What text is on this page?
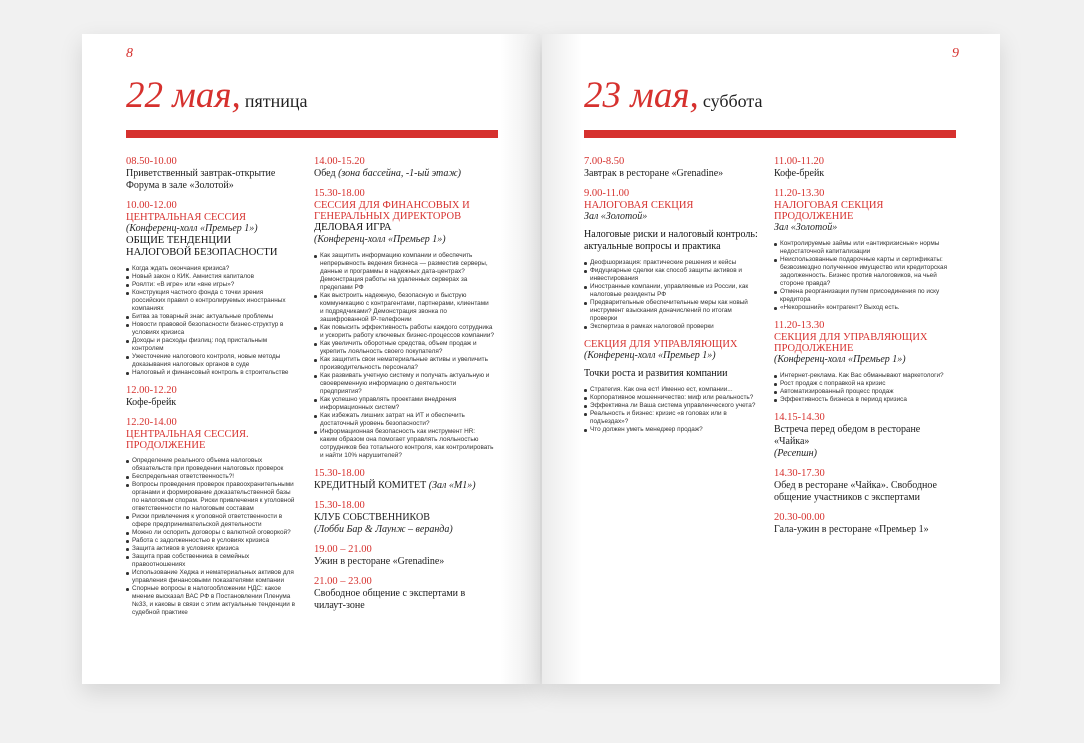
8
22 мая, пятница
08.50-10.00
Приветственный завтрак-открытие Форума в зале «Золотой»
10.00-12.00
ЦЕНТРАЛЬНАЯ СЕССИЯ
(Конференц-холл «Премьер 1»)
ОБЩИЕ ТЕНДЕНЦИИ НАЛОГОВОЙ БЕЗОПАСНОСТИ
Когда ждать окончания кризиса?
Новый закон о КИК. Амнистия капиталов
Роялти: «В игре» или «вне игры»?
Конструкция частного фонда с точки зрения российских правил о контролируемых иностранных компаниях
Битва за товарный знак: актуальные проблемы
Новости правовой безопасности бизнес-структур в условиях кризиса
Доходы и расходы физлиц: под пристальным контролем
Ужесточение налогового контроля, новые методы доказывания налоговых органов в суде
Налоговый и финансовый контроль в строительстве
12.00-12.20
Кофе-брейк
12.20-14.00
ЦЕНТРАЛЬНАЯ СЕССИЯ. ПРОДОЛЖЕНИЕ
Определение реального объема налоговых обязательств при проведении налоговых проверок
Беспредельная ответственность?!
Вопросы проведения проверок правоохранительными органами и формирование доказательственной базы по налоговым спорам. Риски привлечения к уголовной ответственности по налоговым составам
Риски привлечения к уголовной ответственности в сфере предпринимательской деятельности
Можно ли оспорить договоры с валютной оговоркой?
Работа с задолженностью в условиях кризиса
Защита активов в условиях кризиса
Защита прав собственника в семейных правоотношениях
Использование Хеджа и нематериальных активов для управления финансовыми показателями компании
Спорные вопросы в налогообложении НДС: какое мнение высказал ВАС РФ в Постановлении Пленума №33, и каковы в связи с этим актуальные тенденции в судебной практике
14.00-15.20
Обед (зона бассейна, -1-ый этаж)
15.30-18.00
СЕССИЯ ДЛЯ ФИНАНСОВЫХ И ГЕНЕРАЛЬНЫХ ДИРЕКТОРОВ
ДЕЛОВАЯ ИГРА
(Конференц-холл «Премьер 1»)
Как защитить информацию компании и обеспечить непрерывность ведения бизнеса — разместив серверы, данные и программы в надежных дата-центрах? Демонстрация работы на удаленных серверах за пределами РФ
Как выстроить надежную, безопасную и быструю коммуникацию с контрагентами, партнерами, клиентами и подрядчиками? Демонстрация звонка по зашифрованной IP-телефонии
Как повысить эффективность работы каждого сотрудника и ускорить работу ключевых бизнес-процессов компании?
Как увеличить оборотные средства, объем продаж и укрепить лояльность своего покупателя?
Как защитить свои нематериальные активы и увеличить производительность персонала?
Как развивать учетную систему и получать актуальную и своевременную информацию о деятельности предприятия?
Как успешно управлять проектами внедрения информационных систем?
Как избежать лишних затрат на ИТ и обеспечить достаточный уровень безопасности?
Информационная безопасность как инструмент HR: каким образом она помогает управлять лояльностью сотрудников без тотального контроля, как контролировать и найти 10% нарушителей?
15.30-18.00
КРЕДИТНЫЙ КОМИТЕТ (Зал «М1»)
15.30-18.00
КЛУБ СОБСТВЕННИКОВ
(Лобби Бар & Лаунж – веранда)
19.00 – 21.00
Ужин в ресторане «Grenadine»
21.00 – 23.00
Свободное общение с экспертами в чилаут-зоне
9
23 мая, суббота
7.00-8.50
Завтрак в ресторане «Grenadine»
9.00-11.00
НАЛОГОВАЯ СЕКЦИЯ
Зал «Золотой»
Налоговые риски и налоговый контроль: актуальные вопросы и практика
Деофшоризация: практические решения и кейсы
Фидуциарные сделки как способ защиты активов и инвестирования
Иностранные компании, управляемые из России, как налоговые резиденты РФ
Предварительные обеспечительные меры как новый инструмент взыскания доначислений по итогам проверки
Экспертиза в рамках налоговой проверки
СЕКЦИЯ ДЛЯ УПРАВЛЯЮЩИХ
(Конференц-холл «Премьер 1»)
Точки роста и развития компании
Стратегия. Как она ест! Именно ест, компании...
Корпоративное мошенничество: миф или реальность?
Эффективна ли Ваша система управленческого учета?
Реальность и бизнес: кризис «в головах или в подъездах»?
Что должен уметь менеджер продаж?
11.00-11.20
Кофе-брейк
11.20-13.30
НАЛОГОВАЯ СЕКЦИЯ ПРОДОЛЖЕНИЕ
Зал «Золотой»
Контролируемые займы или «антикризисные» нормы недостаточной капитализации
Неиспользованные подарочные карты и сертификаты: безвозмездно полученное имущество или кредиторская задолженность. Бизнес против налоговиков, на чьей стороне правда?
Отмена реорганизации путем присоединения по иску кредитора
«Некорошний» контрагент? Выход есть.
11.20-13.30
СЕКЦИЯ ДЛЯ УПРАВЛЯЮЩИХ ПРОДОЛЖЕНИЕ
(Конференц-холл «Премьер 1»)
Интернет-реклама. Как Вас обманывают маркетологи?
Рост продаж с поправкой на кризис
Автоматизированный процесс продаж
Эффективность бизнеса в период кризиса
14.15-14.30
Встреча перед обедом в ресторане «Чайка»
(Ресепшн)
14.30-17.30
Обед в ресторане «Чайка». Свободное общение участников с экспертами
20.30-00.00
Гала-ужин в ресторане «Премьер 1»
